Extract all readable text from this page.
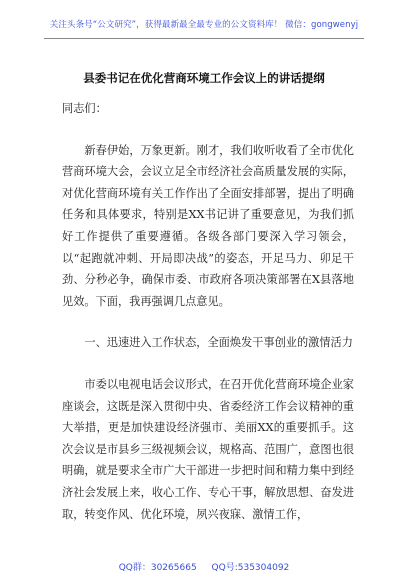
关注头条号“公文研究”，获得最新最全最专业的公文资料库！ 微信：gongwenyj
县委书记在优化营商环境工作会议上的讲话提纲

同志们：

新春伊始，万象更新。刚才，我们收听收看了全市优化营商环境大会，会议立足全市经济社会高质量发展的实际，对优化营商环境有关工作作出了全面安排部署，提出了明确任务和具体要求，特别是XX书记讲了重要意见，为我们抓好工作提供了重要遵循。各级各部门要深入学习领会，以“起跑就冲刺、开局即决战”的姿态，开足马力、卯足干劲、分秒必争，确保市委、市政府各项决策部署在X县落地见效。下面，我再强调几点意见。

一、迅速进入工作状态，全面焕发干事创业的激情活力

市委以电视电话会议形式，在召开优化营商环境企业家座谈会，这既是深入贯彻中央、省委经济工作会议精神的重大举措，更是加快建设经济强市、美丽XX的重要抓手。这次会议是市县乡三级视频会议，规格高、范围广，意图也很明确，就是要求全市广大干部进一步把时间和精力集中到经济社会发展上来，收心工作、专心干事，解放思想、奋发进取，转变作风、优化环境，夙兴夜寐、激情工作，

QQ群：30265665 QQ号:535304092
